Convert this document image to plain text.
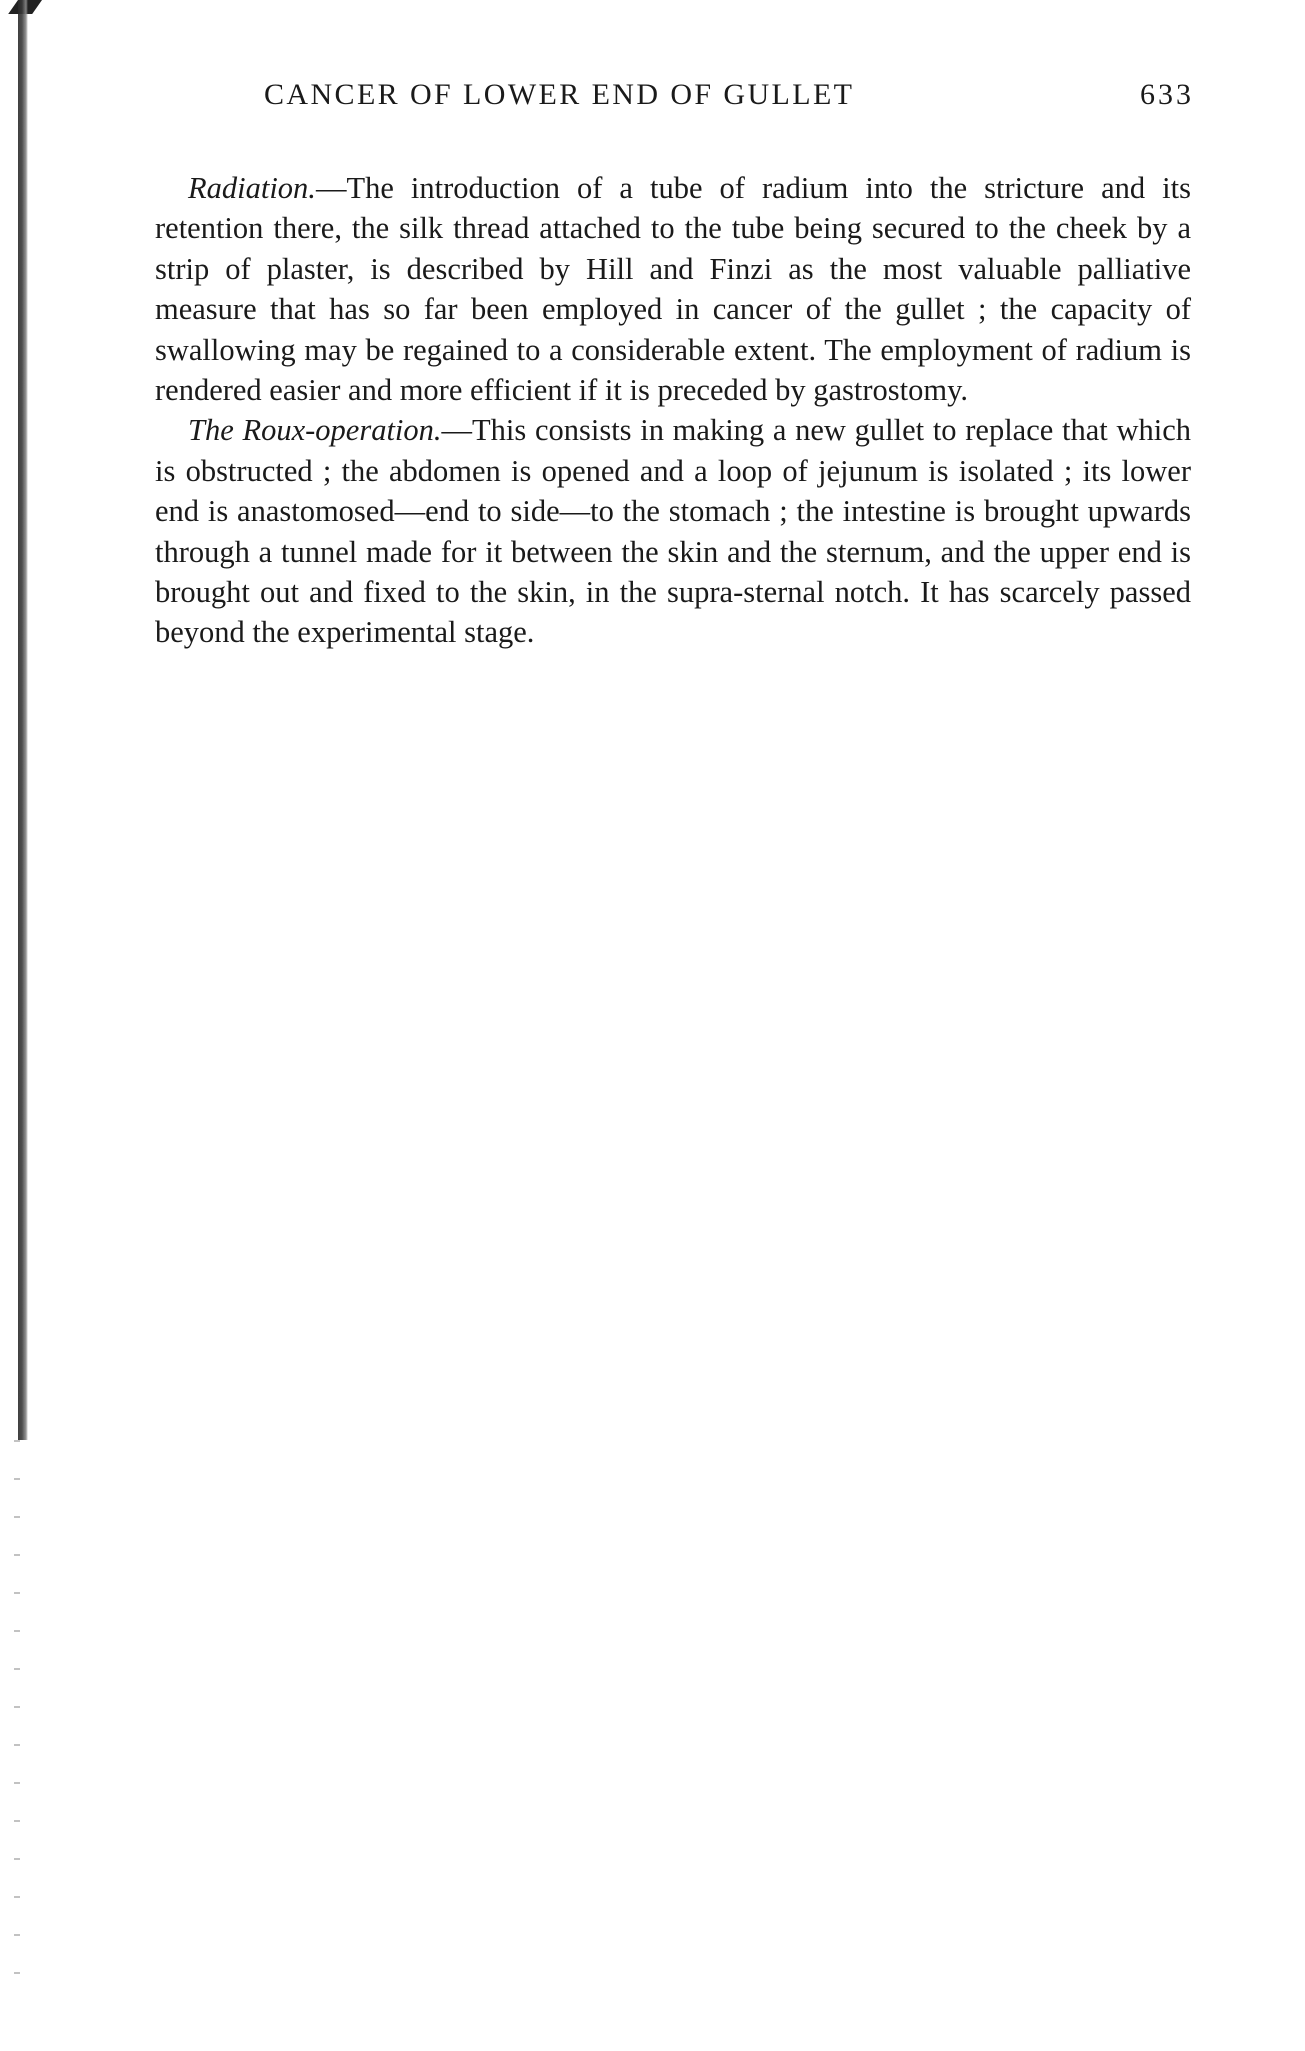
CANCER OF LOWER END OF GULLET	633

Radiation.—The introduction of a tube of radium into the stricture and its retention there, the silk thread attached to the tube being secured to the cheek by a strip of plaster, is described by Hill and Finzi as the most valuable palliative measure that has so far been employed in cancer of the gullet ; the capacity of swallowing may be regained to a considerable extent. The employment of radium is rendered easier and more efficient if it is preceded by gastrostomy.

The Roux-operation.—This consists in making a new gullet to replace that which is obstructed ; the abdomen is opened and a loop of jejunum is isolated ; its lower end is anastomosed—end to side—to the stomach ; the intestine is brought upwards through a tunnel made for it between the skin and the sternum, and the upper end is brought out and fixed to the skin, in the supra-sternal notch. It has scarcely passed beyond the experimental stage.
